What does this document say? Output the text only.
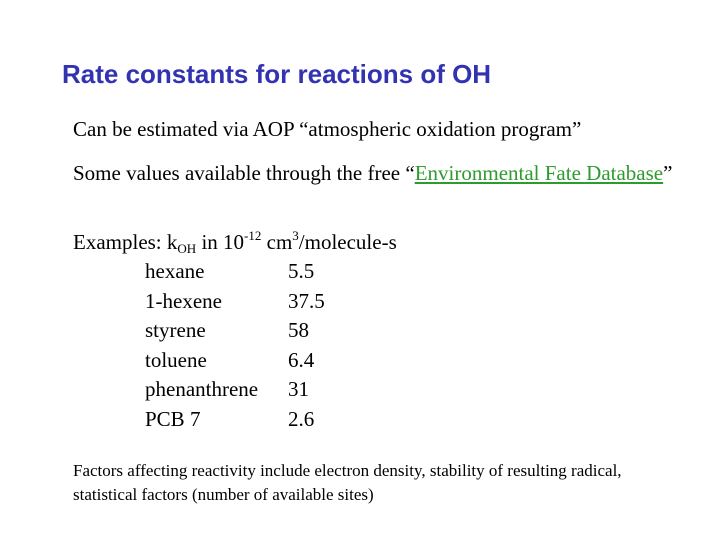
Rate constants for reactions of OH

Can be estimated via AOP “atmospheric oxidation program”

Some values available through the free “Environmental Fate Database”

Examples: $k_{OH}$ in $10^{-12}$ $cm^3/molecule-s$
hexane	5.5
1-hexene	37.5
styrene	58
toluene	6.4
phenanthrene	31
PCB 7	2.6

Factors affecting reactivity include electron density, stability of resulting radical, statistical factors (number of available sites)
